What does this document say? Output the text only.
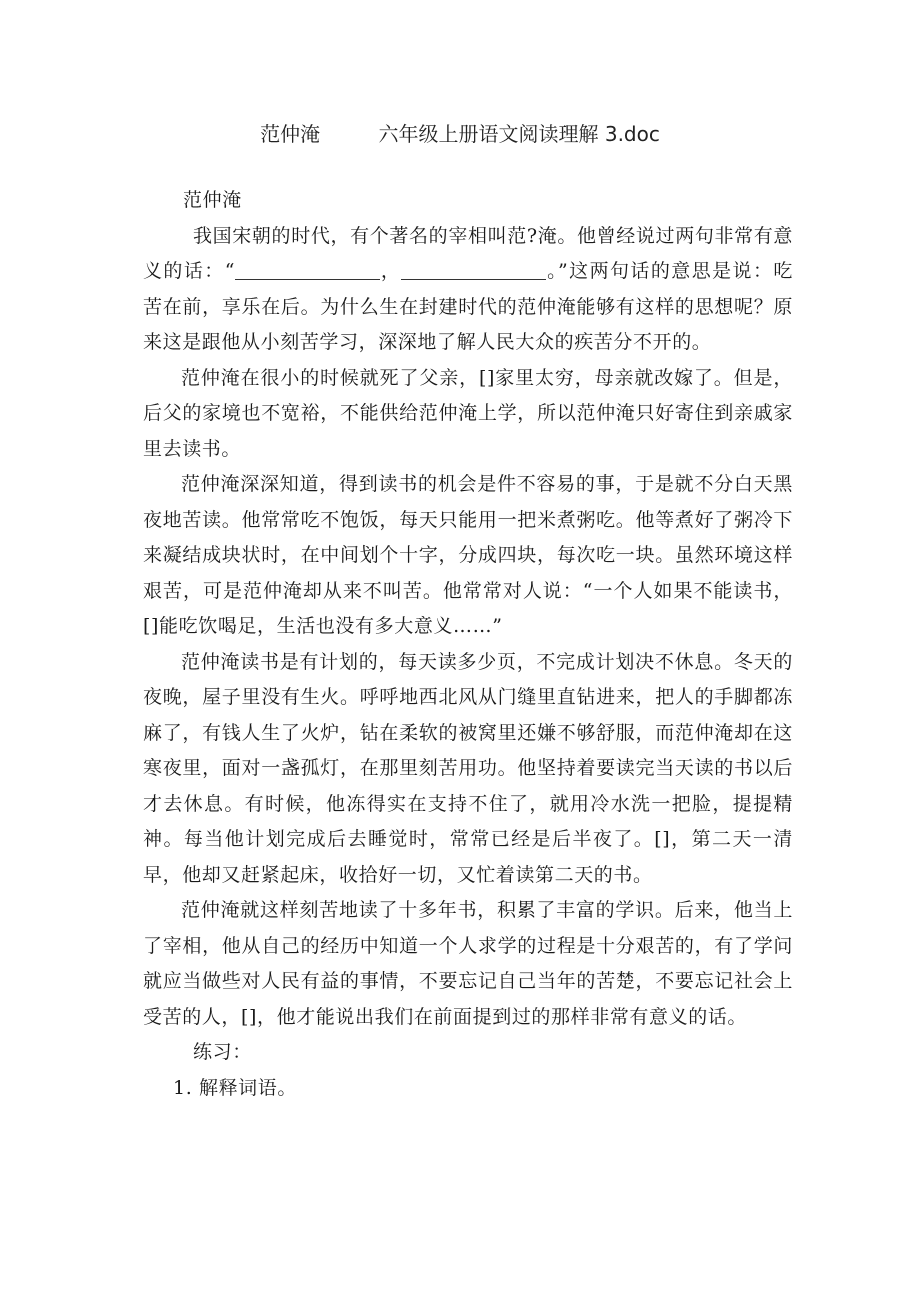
范仲淹	六年级上册语文阅读理解 3.doc

范仲淹

我国宋朝的时代，有个著名的宰相叫范?淹。他曾经说过两句非常有意义的话：“	，	。”这两句话的意思是说：吃苦在前，享乐在后。为什么生在封建时代的范仲淹能够有这样的思想呢？原来这是跟他从小刻苦学习，深深地了解人民大众的疾苦分不开的。

范仲淹在很小的时候就死了父亲，[]家里太穷，母亲就改嫁了。但是，后父的家境也不宽裕，不能供给范仲淹上学，所以范仲淹只好寄住到亲戚家里去读书。

范仲淹深深知道，得到读书的机会是件不容易的事，于是就不分白天黑夜地苦读。他常常吃不饱饭，每天只能用一把米煮粥吃。他等煮好了粥冷下来凝结成块状时，在中间划个十字，分成四块，每次吃一块。虽然环境这样艰苦，可是范仲淹却从来不叫苦。他常常对人说：“一个人如果不能读书，[]能吃饮喝足，生活也没有多大意义……”

范仲淹读书是有计划的，每天读多少页，不完成计划决不休息。冬天的夜晚，屋子里没有生火。呼呼地西北风从门缝里直钻进来，把人的手脚都冻麻了，有钱人生了火炉，钻在柔软的被窝里还嫌不够舒服，而范仲淹却在这寒夜里，面对一盏孤灯，在那里刻苦用功。他坚持着要读完当天读的书以后才去休息。有时候，他冻得实在支持不住了，就用冷水洗一把脸，提提精神。每当他计划完成后去睡觉时，常常已经是后半夜了。[]，第二天一清早，他却又赶紧起床，收拾好一切，又忙着读第二天的书。

范仲淹就这样刻苦地读了十多年书，积累了丰富的学识。后来，他当上了宰相，他从自己的经历中知道一个人求学的过程是十分艰苦的，有了学问就应当做些对人民有益的事情，不要忘记自己当年的苦楚，不要忘记社会上受苦的人，[]，他才能说出我们在前面提到过的那样非常有意义的话。

练习：

1. 解释词语。
